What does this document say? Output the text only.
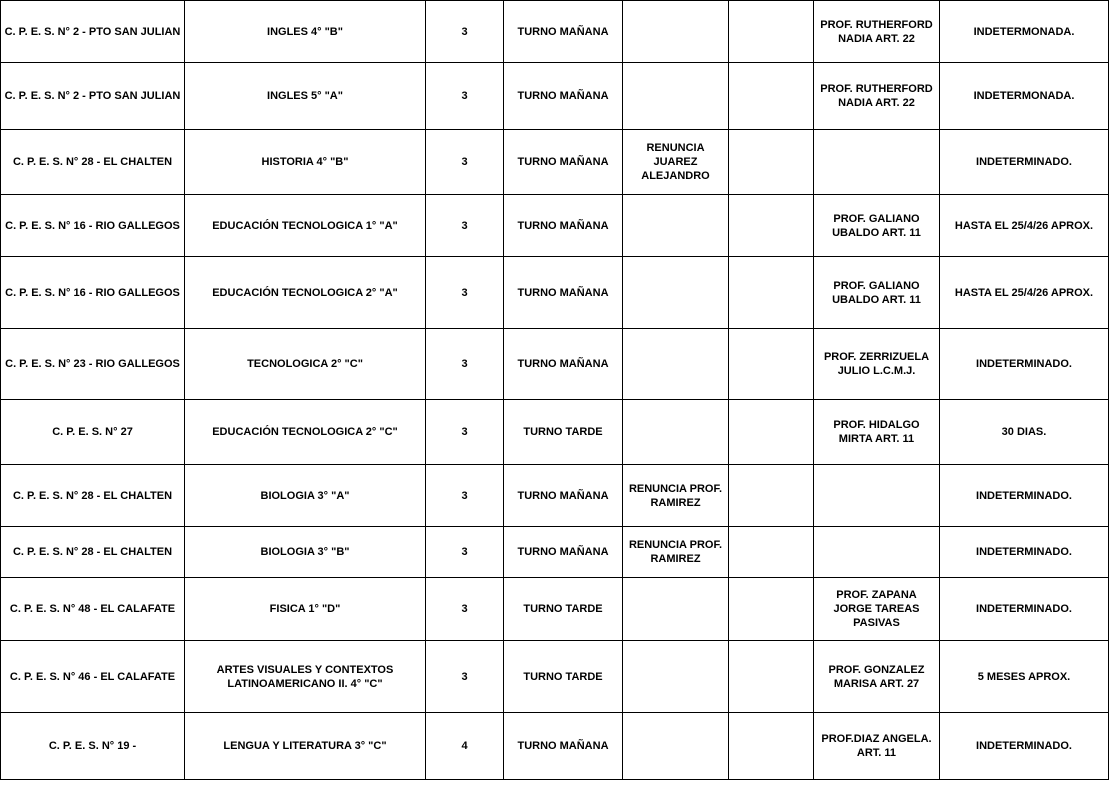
C. P. E. S. N° 2 - PTO SAN JULIAN	INGLES 4° "B"	3	TURNO MAÑANA			PROF. RUTHERFORD NADIA ART. 22	INDETERMONADA.
C. P. E. S. N° 2 - PTO SAN JULIAN	INGLES 5° "A"	3	TURNO MAÑANA			PROF. RUTHERFORD NADIA ART. 22	INDETERMONADA.
C. P. E. S. N° 28 - EL CHALTEN	HISTORIA 4° "B"	3	TURNO MAÑANA	RENUNCIA JUAREZ ALEJANDRO			INDETERMINADO.
C. P. E. S. N° 16 - RIO GALLEGOS	EDUCACIÓN TECNOLOGICA 1° "A"	3	TURNO MAÑANA			PROF. GALIANO UBALDO ART. 11	HASTA EL 25/4/26 APROX.
C. P. E. S. N° 16 - RIO GALLEGOS	EDUCACIÓN TECNOLOGICA 2° "A"	3	TURNO MAÑANA			PROF. GALIANO UBALDO ART. 11	HASTA EL 25/4/26 APROX.
C. P. E. S. N° 23 - RIO GALLEGOS	TECNOLOGICA 2° "C"	3	TURNO MAÑANA			PROF. ZERRIZUELA JULIO L.C.M.J.	INDETERMINADO.
C. P. E. S. N° 27	EDUCACIÓN TECNOLOGICA 2° "C"	3	TURNO TARDE			PROF. HIDALGO MIRTA ART. 11	30 DIAS.
C. P. E. S. N° 28 - EL CHALTEN	BIOLOGIA 3° "A"	3	TURNO MAÑANA	RENUNCIA PROF. RAMIREZ			INDETERMINADO.
C. P. E. S. N° 28 - EL CHALTEN	BIOLOGIA 3° "B"	3	TURNO MAÑANA	RENUNCIA PROF. RAMIREZ			INDETERMINADO.
C. P. E. S. N° 48 - EL CALAFATE	FISICA 1° "D"	3	TURNO TARDE			PROF. ZAPANA JORGE TAREAS PASIVAS	INDETERMINADO.
C. P. E. S. N° 46 - EL CALAFATE	ARTES VISUALES Y CONTEXTOS LATINOAMERICANO II. 4° "C"	3	TURNO TARDE			PROF. GONZALEZ MARISA ART. 27	5 MESES APROX.
C. P. E. S. N° 19 -	LENGUA Y LITERATURA 3° "C"	4	TURNO MAÑANA			PROF.DIAZ ANGELA. ART. 11	INDETERMINADO.
